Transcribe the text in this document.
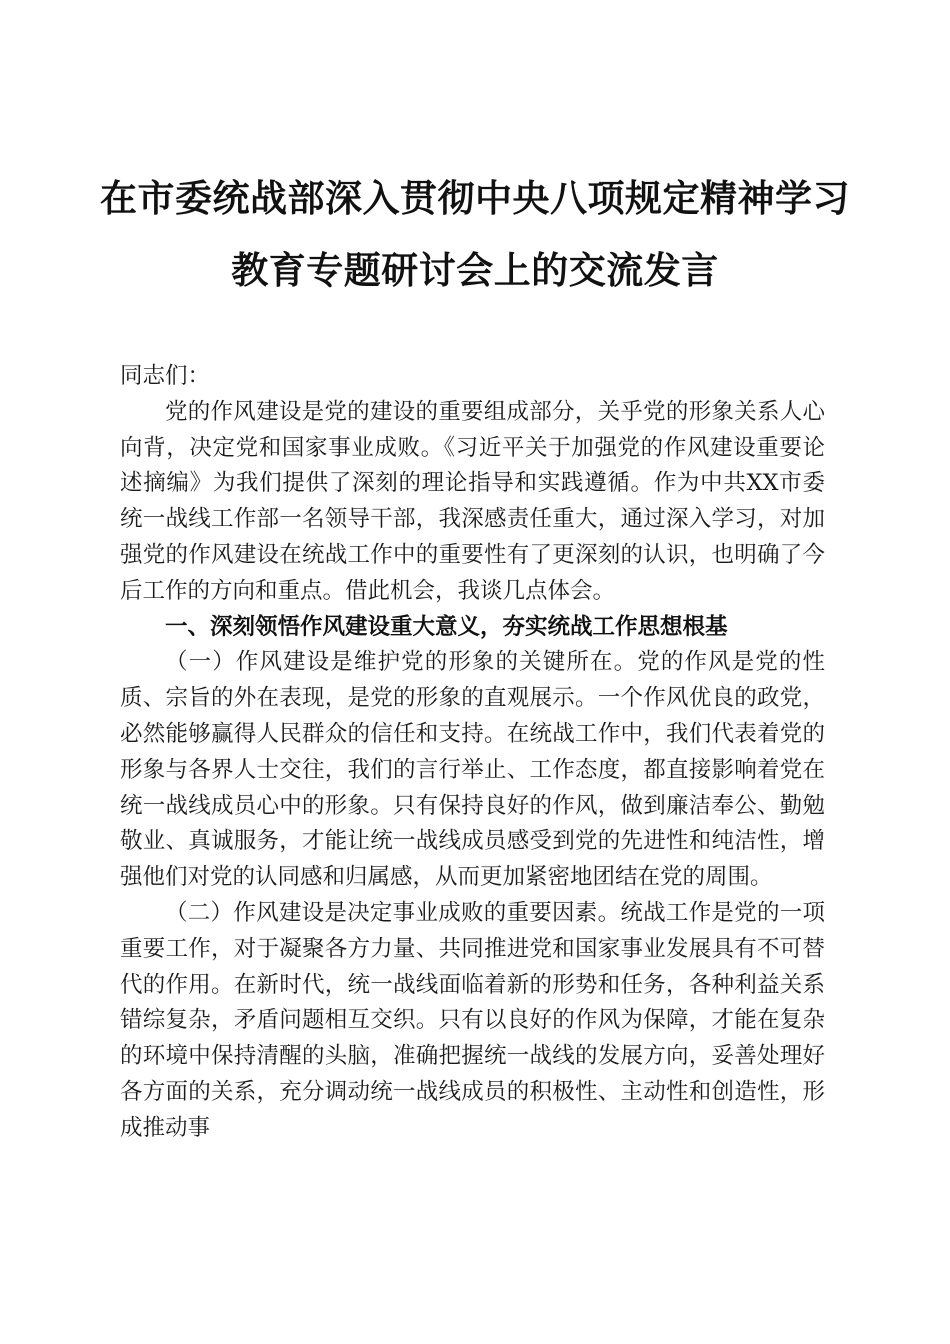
在市委统战部深入贯彻中央八项规定精神学习
教育专题研讨会上的交流发言

同志们：

党的作风建设是党的建设的重要组成部分，关乎党的形象关系人心向背，决定党和国家事业成败。《习近平关于加强党的作风建设重要论述摘编》为我们提供了深刻的理论指导和实践遵循。作为中共XX市委统一战线工作部一名领导干部，我深感责任重大，通过深入学习，对加强党的作风建设在统战工作中的重要性有了更深刻的认识，也明确了今后工作的方向和重点。借此机会，我谈几点体会。

一、深刻领悟作风建设重大意义，夯实统战工作思想根基

（一）作风建设是维护党的形象的关键所在。党的作风是党的性质、宗旨的外在表现，是党的形象的直观展示。一个作风优良的政党，必然能够赢得人民群众的信任和支持。在统战工作中，我们代表着党的形象与各界人士交往，我们的言行举止、工作态度，都直接影响着党在统一战线成员心中的形象。只有保持良好的作风，做到廉洁奉公、勤勉敬业、真诚服务，才能让统一战线成员感受到党的先进性和纯洁性，增强他们对党的认同感和归属感，从而更加紧密地团结在党的周围。

（二）作风建设是决定事业成败的重要因素。统战工作是党的一项重要工作，对于凝聚各方力量、共同推进党和国家事业发展具有不可替代的作用。在新时代，统一战线面临着新的形势和任务，各种利益关系错综复杂，矛盾问题相互交织。只有以良好的作风为保障，才能在复杂的环境中保持清醒的头脑，准确把握统一战线的发展方向，妥善处理好各方面的关系，充分调动统一战线成员的积极性、主动性和创造性，形成推动事
